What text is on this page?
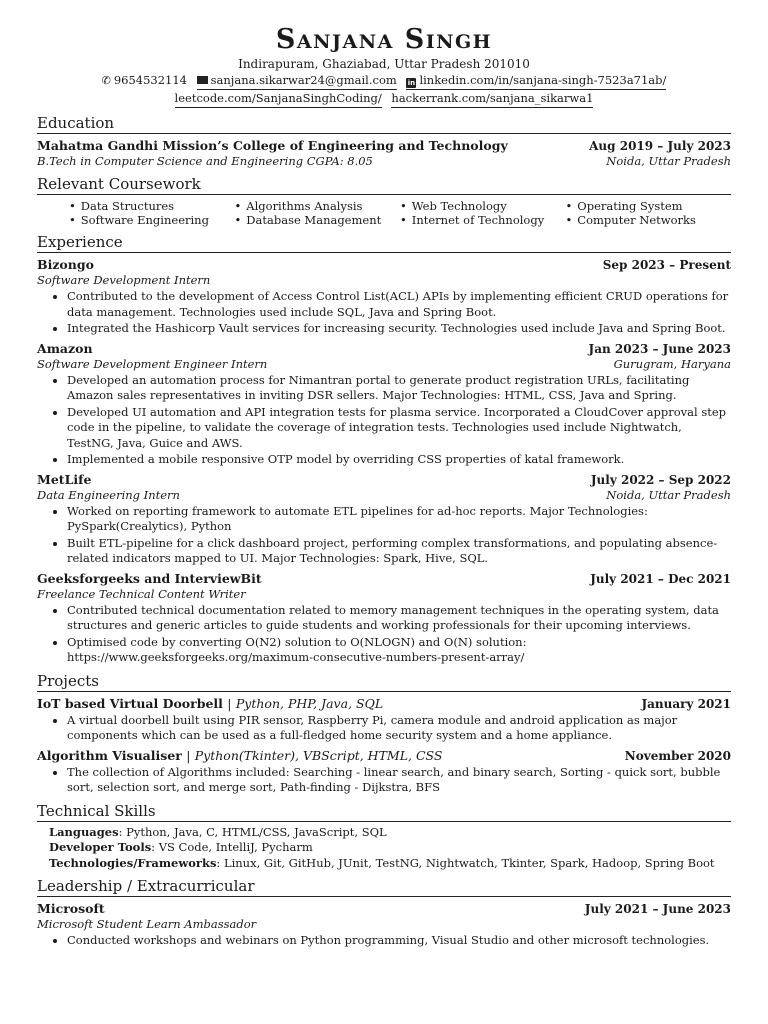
Sanjana Singh
Indirapuram, Ghaziabad, Uttar Pradesh 201010
✆ 9654532114 sanjana.sikarwar24@gmail.com in linkedin.com/in/sanjana-singh-7523a71ab/
leetcode.com/SanjanaSinghCoding/ hackerrank.com/sanjana_sikarwa1
Education
Mahatma Gandhi Mission’s College of Engineering and Technology	Aug 2019 – July 2023
B.Tech in Computer Science and Engineering CGPA: 8.05	Noida, Uttar Pradesh
Relevant Coursework
• Data Structures
• Software Engineering
• Algorithms Analysis
• Database Management
• Web Technology
• Internet of Technology
• Operating System
• Computer Networks
Experience
Bizongo	Sep 2023 – Present
Software Development Intern
• Contributed to the development of Access Control List(ACL) APIs by implementing efficient CRUD operations for data management. Technologies used include SQL, Java and Spring Boot.
• Integrated the Hashicorp Vault services for increasing security. Technologies used include Java and Spring Boot.
Amazon	Jan 2023 – June 2023
Software Development Engineer Intern	Gurugram, Haryana
• Developed an automation process for Nimantran portal to generate product registration URLs, facilitating Amazon sales representatives in inviting DSR sellers. Major Technologies: HTML, CSS, Java and Spring.
• Developed UI automation and API integration tests for plasma service. Incorporated a CloudCover approval step code in the pipeline, to validate the coverage of integration tests. Technologies used include Nightwatch, TestNG, Java, Guice and AWS.
• Implemented a mobile responsive OTP model by overriding CSS properties of katal framework.
MetLife	July 2022 – Sep 2022
Data Engineering Intern	Noida, Uttar Pradesh
• Worked on reporting framework to automate ETL pipelines for ad-hoc reports. Major Technologies: PySpark(Crealytics), Python
• Built ETL-pipeline for a click dashboard project, performing complex transformations, and populating absence-related indicators mapped to UI. Major Technologies: Spark, Hive, SQL.
Geeksforgeeks and InterviewBit	July 2021 – Dec 2021
Freelance Technical Content Writer
• Contributed technical documentation related to memory management techniques in the operating system, data structures and generic articles to guide students and working professionals for their upcoming interviews.
• Optimised code by converting O(N2) solution to O(NLOGN) and O(N) solution: https://www.geeksforgeeks.org/maximum-consecutive-numbers-present-array/
Projects
IoT based Virtual Doorbell | Python, PHP, Java, SQL	January 2021
• A virtual doorbell built using PIR sensor, Raspberry Pi, camera module and android application as major components which can be used as a full-fledged home security system and a home appliance.
Algorithm Visualiser | Python(Tkinter), VBScript, HTML, CSS	November 2020
• The collection of Algorithms included: Searching - linear search, and binary search, Sorting - quick sort, bubble sort, selection sort, and merge sort, Path-finding - Dijkstra, BFS
Technical Skills
Languages: Python, Java, C, HTML/CSS, JavaScript, SQL
Developer Tools: VS Code, IntelliJ, Pycharm
Technologies/Frameworks: Linux, Git, GitHub, JUnit, TestNG, Nightwatch, Tkinter, Spark, Hadoop, Spring Boot
Leadership / Extracurricular
Microsoft	July 2021 – June 2023
Microsoft Student Learn Ambassador
• Conducted workshops and webinars on Python programming, Visual Studio and other microsoft technologies.
